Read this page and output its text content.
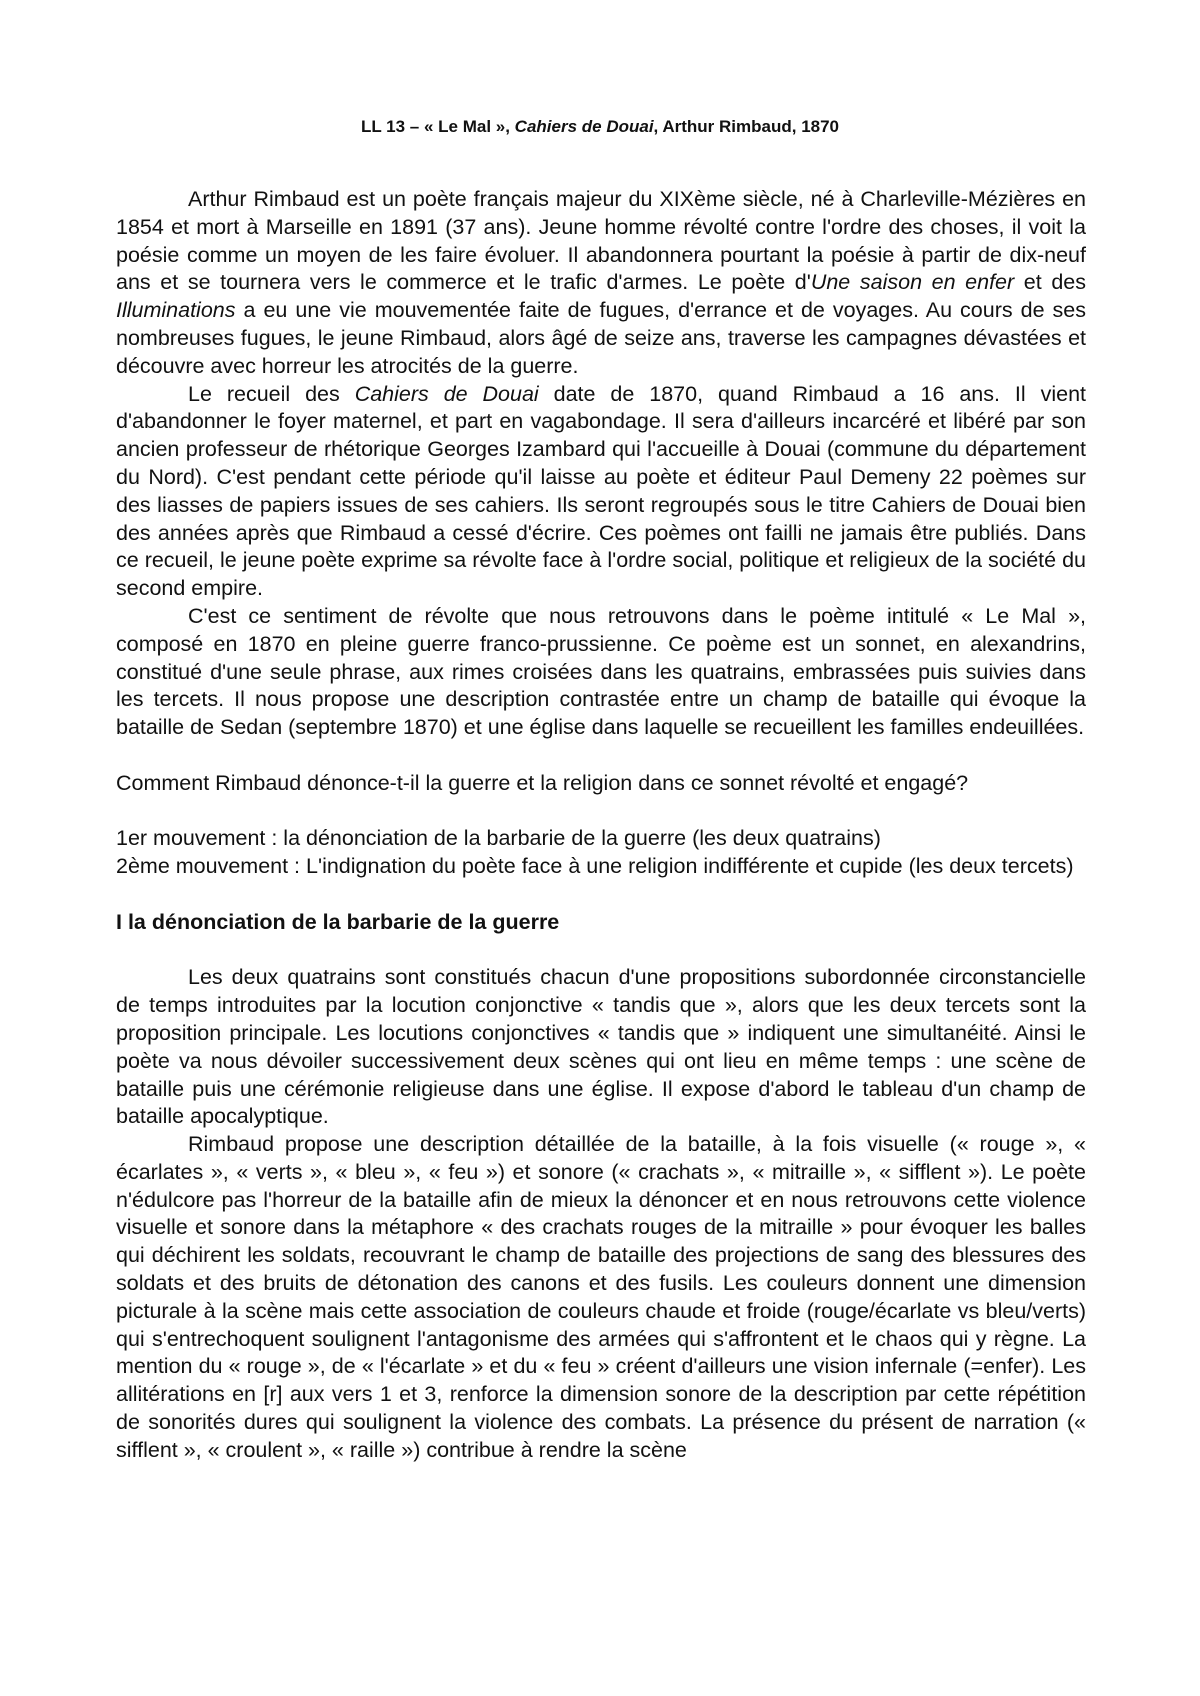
LL 13 – « Le Mal », Cahiers de Douai, Arthur Rimbaud, 1870

Arthur Rimbaud est un poète français majeur du XIXème siècle, né à Charleville-Mézières en 1854 et mort à Marseille en 1891 (37 ans). Jeune homme révolté contre l'ordre des choses, il voit la poésie comme un moyen de les faire évoluer. Il abandonnera pourtant la poésie à partir de dix-neuf ans et se tournera vers le commerce et le trafic d'armes. Le poète d'Une saison en enfer et des Illuminations a eu une vie mouvementée faite de fugues, d'errance et de voyages. Au cours de ses nombreuses fugues, le jeune Rimbaud, alors âgé de seize ans, traverse les campagnes dévastées et découvre avec horreur les atrocités de la guerre.

Le recueil des Cahiers de Douai date de 1870, quand Rimbaud a 16 ans. Il vient d'abandonner le foyer maternel, et part en vagabondage. Il sera d'ailleurs incarcéré et libéré par son ancien professeur de rhétorique Georges Izambard qui l'accueille à Douai (commune du département du Nord). C'est pendant cette période qu'il laisse au poète et éditeur Paul Demeny 22 poèmes sur des liasses de papiers issues de ses cahiers. Ils seront regroupés sous le titre Cahiers de Douai bien des années après que Rimbaud a cessé d'écrire. Ces poèmes ont failli ne jamais être publiés. Dans ce recueil, le jeune poète exprime sa révolte face à l'ordre social, politique et religieux de la société du second empire.

C'est ce sentiment de révolte que nous retrouvons dans le poème intitulé « Le Mal », composé en 1870 en pleine guerre franco-prussienne. Ce poème est un sonnet, en alexandrins, constitué d'une seule phrase, aux rimes croisées dans les quatrains, embrassées puis suivies dans les tercets. Il nous propose une description contrastée entre un champ de bataille qui évoque la bataille de Sedan (septembre 1870) et une église dans laquelle se recueillent les familles endeuillées.

Comment Rimbaud dénonce-t-il la guerre et la religion dans ce sonnet révolté et engagé?

1er mouvement : la dénonciation de la barbarie de la guerre (les deux quatrains)

2ème mouvement : L'indignation du poète face à une religion indifférente et cupide (les deux tercets)

I la dénonciation de la barbarie de la guerre

Les deux quatrains sont constitués chacun d'une propositions subordonnée circonstancielle de temps introduites par la locution conjonctive « tandis que », alors que les deux tercets sont la proposition principale. Les locutions conjonctives « tandis que » indiquent une simultanéité. Ainsi le poète va nous dévoiler successivement deux scènes qui ont lieu en même temps : une scène de bataille puis une cérémonie religieuse dans une église. Il expose d'abord le tableau d'un champ de bataille apocalyptique.

Rimbaud propose une description détaillée de la bataille, à la fois visuelle (« rouge », « écarlates », « verts », « bleu », « feu ») et sonore (« crachats », « mitraille », « sifflent »). Le poète n'édulcore pas l'horreur de la bataille afin de mieux la dénoncer et en nous retrouvons cette violence visuelle et sonore dans la métaphore « des crachats rouges de la mitraille » pour évoquer les balles qui déchirent les soldats, recouvrant le champ de bataille des projections de sang des blessures des soldats et des bruits de détonation des canons et des fusils. Les couleurs donnent une dimension picturale à la scène mais cette association de couleurs chaude et froide (rouge/écarlate vs bleu/verts) qui s'entrechoquent soulignent l'antagonisme des armées qui s'affrontent et le chaos qui y règne. La mention du « rouge », de « l'écarlate » et du « feu » créent d'ailleurs une vision infernale (=enfer). Les allitérations en [r] aux vers 1 et 3, renforce la dimension sonore de la description par cette répétition de sonorités dures qui soulignent la violence des combats. La présence du présent de narration (« sifflent », « croulent », « raille ») contribue à rendre la scène
